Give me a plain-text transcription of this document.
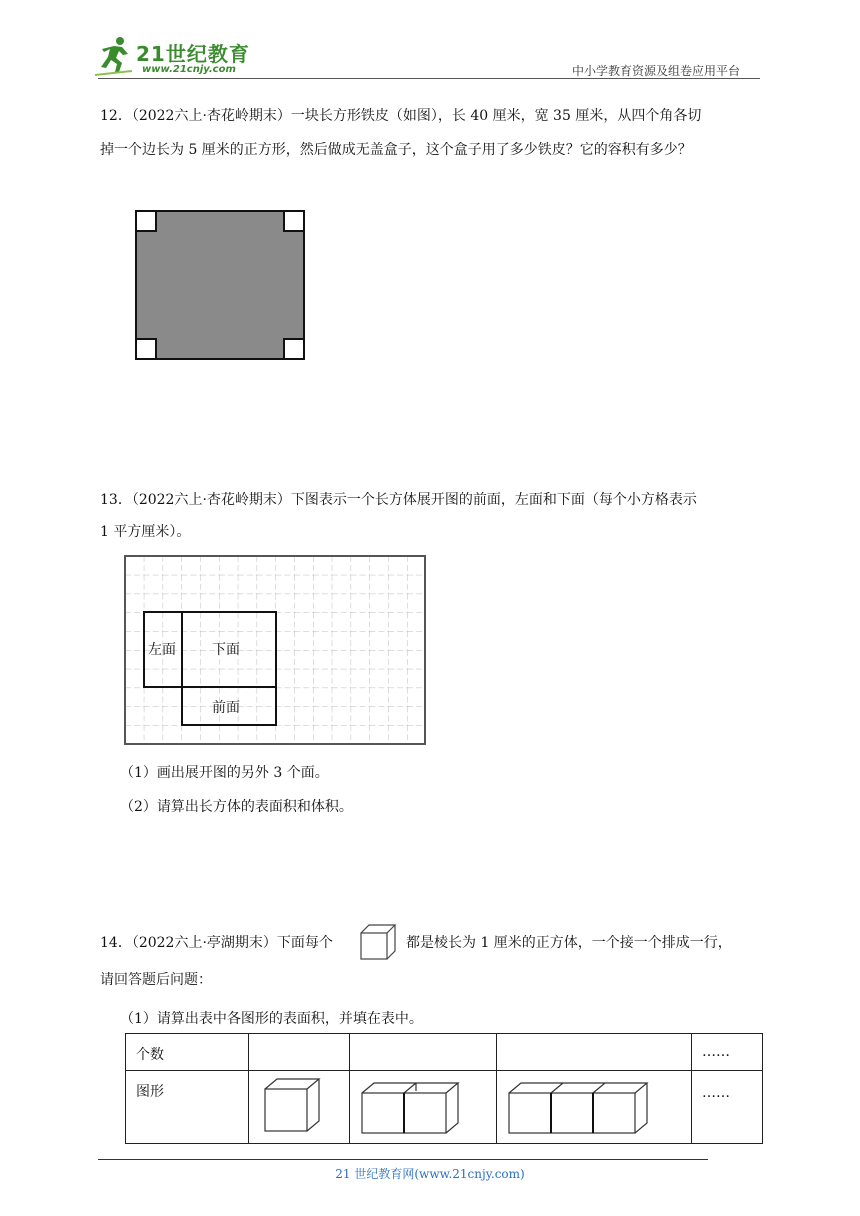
21世纪教育
www.21cnjy.com	中小学教育资源及组卷应用平台
12．（2022六上·杏花岭期末）一块长方形铁皮（如图），长 40 厘米，宽 35 厘米，从四个角各切
掉一个边长为 5 厘米的正方形，然后做成无盖盒子，这个盒子用了多少铁皮？它的容积有多少？
13．（2022六上·杏花岭期末）下图表示一个长方体展开图的前面，左面和下面（每个小方格表示
1 平方厘米）。
左面	下面
前面
（1）画出展开图的另外 3 个面。
（2）请算出长方体的表面积和体积。
14．（2022六上·亭湖期末）下面每个	都是棱长为 1 厘米的正方体，一个接一个排成一行，
请回答题后问题：
（1）请算出表中各图形的表面积，并填在表中。
个数				……
图形				……
21 世纪教育网(www.21cnjy.com)
